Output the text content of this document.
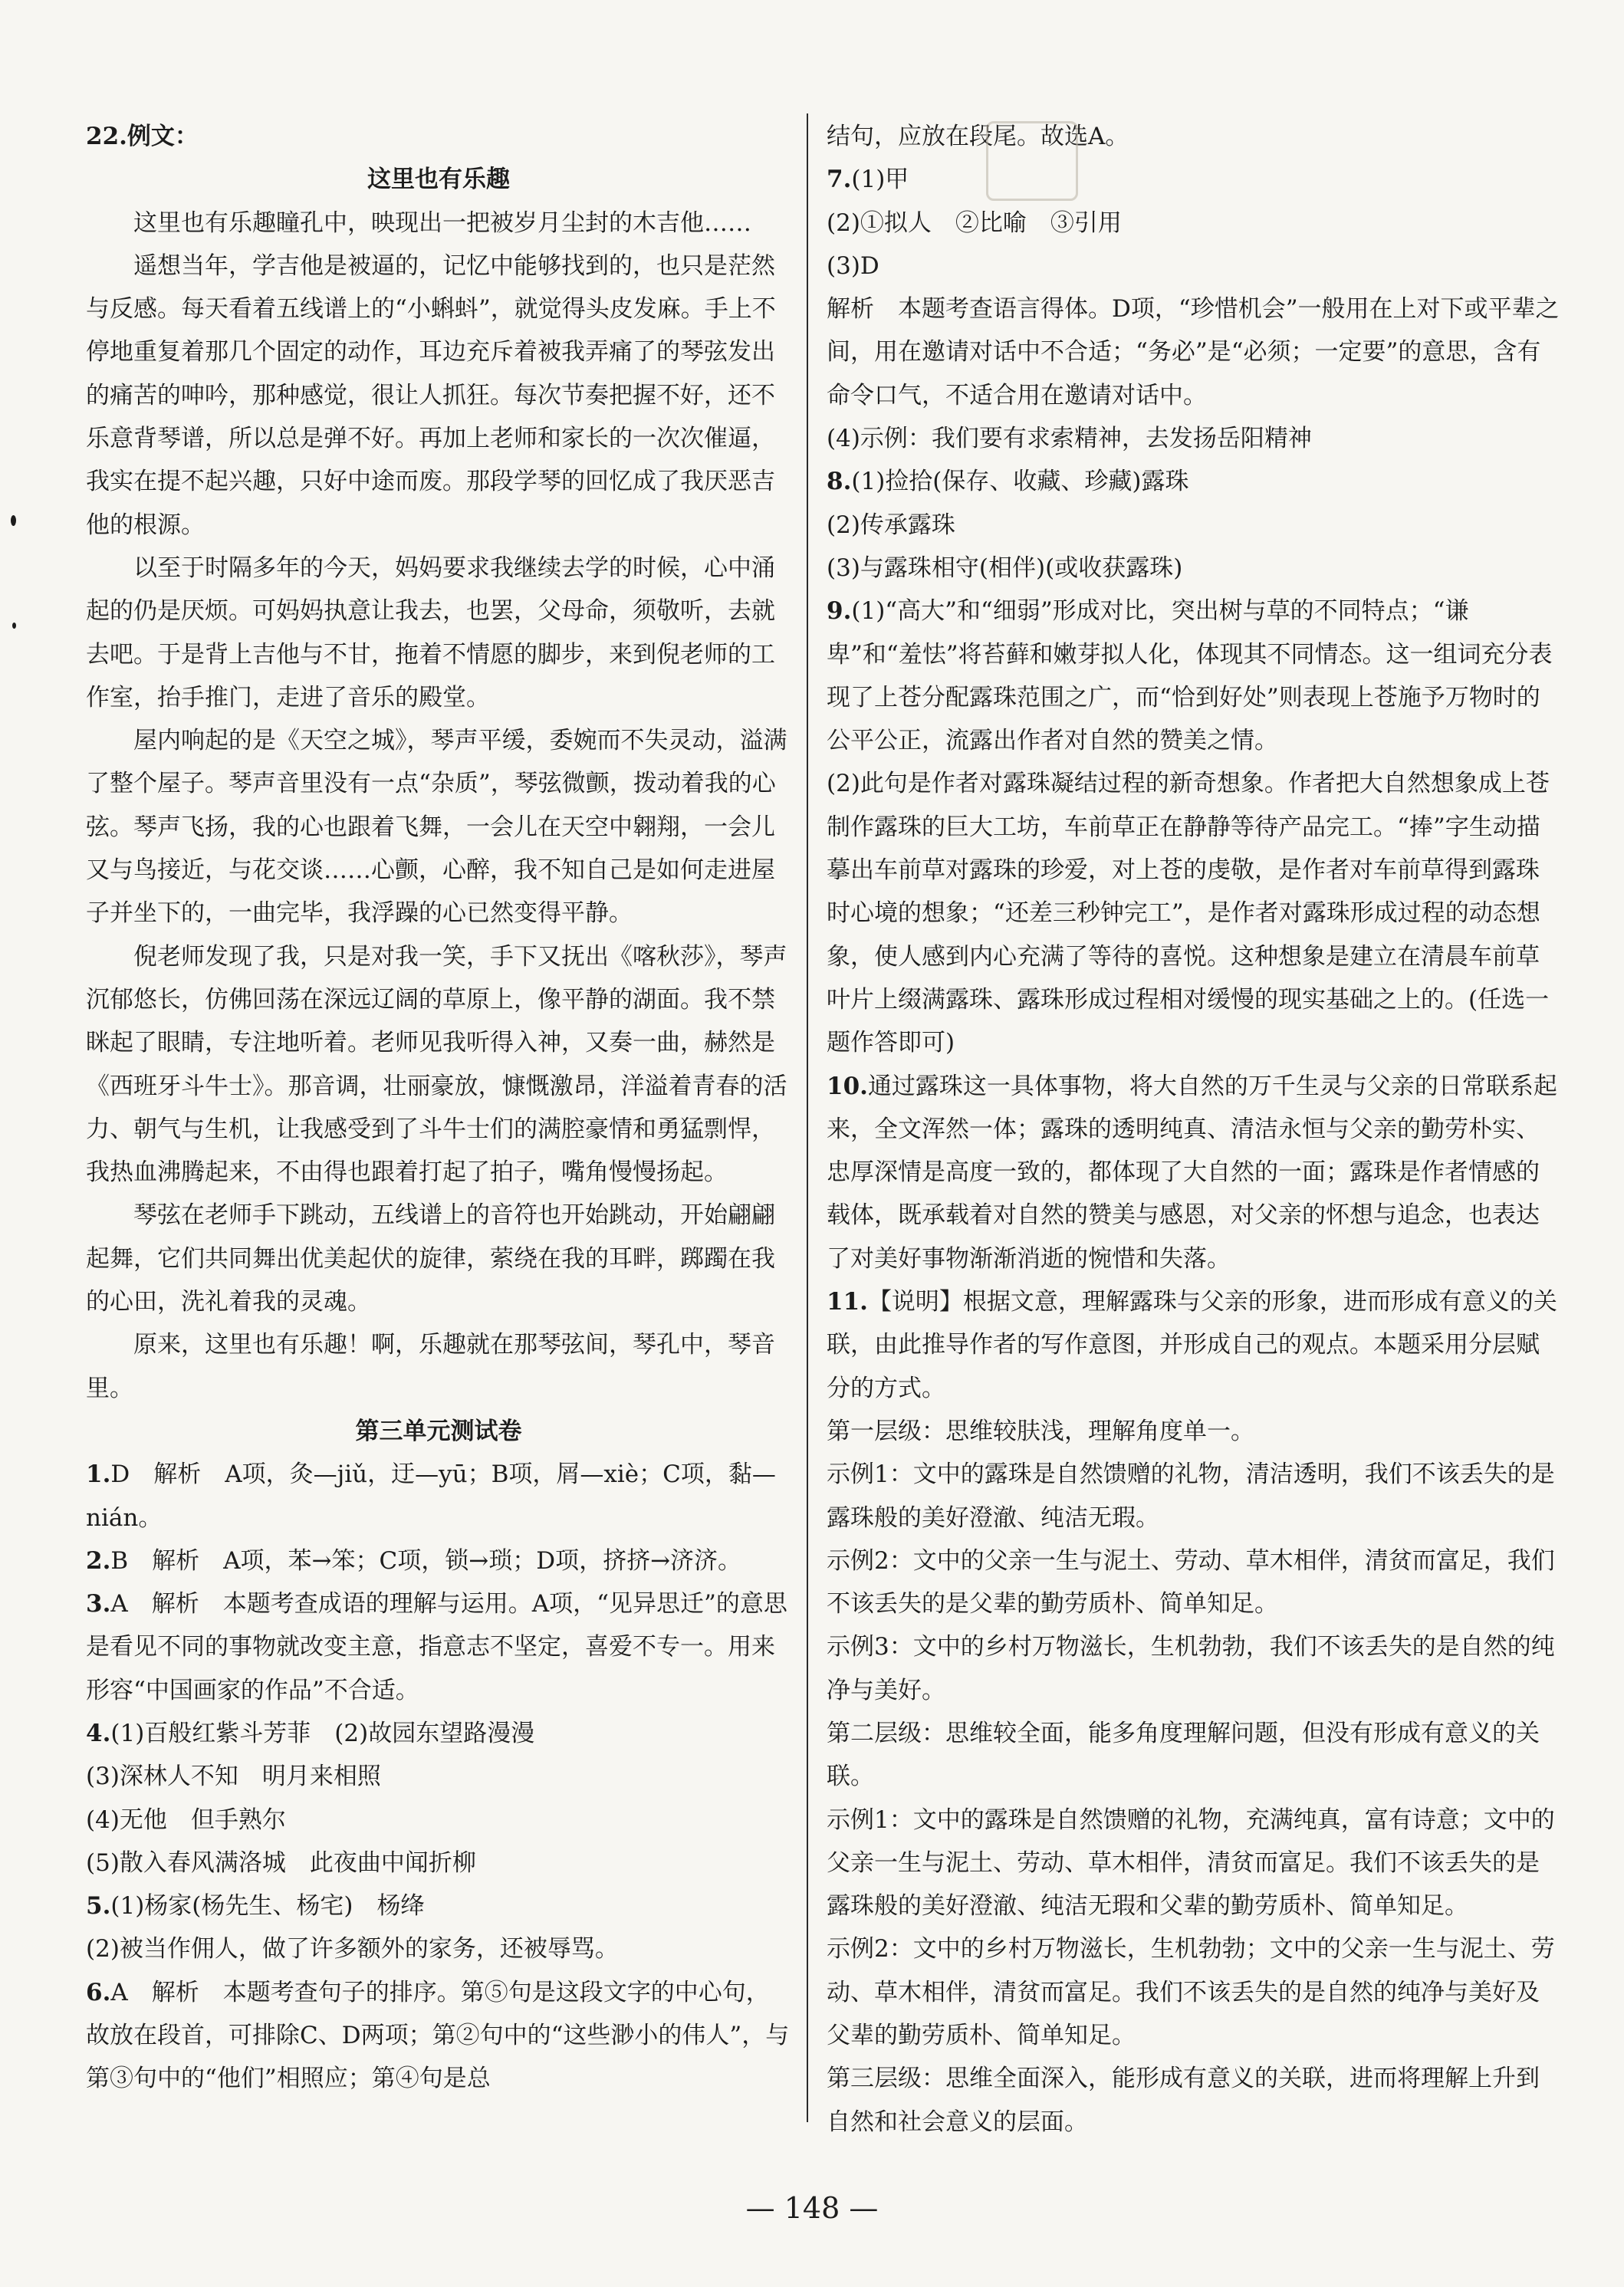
22.例文：

这里也有乐趣

这里也有乐趣瞳孔中，映现出一把被岁月尘封的木吉他……

遥想当年，学吉他是被逼的，记忆中能够找到的，也只是茫然与反感。每天看着五线谱上的“小蝌蚪”，就觉得头皮发麻。手上不停地重复着那几个固定的动作，耳边充斥着被我弄痛了的琴弦发出的痛苦的呻吟，那种感觉，很让人抓狂。每次节奏把握不好，还不乐意背琴谱，所以总是弹不好。再加上老师和家长的一次次催逼，我实在提不起兴趣，只好中途而废。那段学琴的回忆成了我厌恶吉他的根源。

以至于时隔多年的今天，妈妈要求我继续去学的时候，心中涌起的仍是厌烦。可妈妈执意让我去，也罢，父母命，须敬听，去就去吧。于是背上吉他与不甘，拖着不情愿的脚步，来到倪老师的工作室，抬手推门，走进了音乐的殿堂。

屋内响起的是《天空之城》，琴声平缓，委婉而不失灵动，溢满了整个屋子。琴声音里没有一点“杂质”，琴弦微颤，拨动着我的心弦。琴声飞扬，我的心也跟着飞舞，一会儿在天空中翱翔，一会儿又与鸟接近，与花交谈……心颤，心醉，我不知自己是如何走进屋子并坐下的，一曲完毕，我浮躁的心已然变得平静。

倪老师发现了我，只是对我一笑，手下又抚出《喀秋莎》，琴声沉郁悠长，仿佛回荡在深远辽阔的草原上，像平静的湖面。我不禁眯起了眼睛，专注地听着。老师见我听得入神，又奏一曲，赫然是《西班牙斗牛士》。那音调，壮丽豪放，慷慨激昂，洋溢着青春的活力、朝气与生机，让我感受到了斗牛士们的满腔豪情和勇猛剽悍，我热血沸腾起来，不由得也跟着打起了拍子，嘴角慢慢扬起。

琴弦在老师手下跳动，五线谱上的音符也开始跳动，开始翩翩起舞，它们共同舞出优美起伏的旋律，萦绕在我的耳畔，踯躅在我的心田，洗礼着我的灵魂。

原来，这里也有乐趣！啊，乐趣就在那琴弦间，琴孔中，琴音里。

第三单元测试卷

1.D　解析　A项，灸—jiǔ，迂—yū；B项，屑—xiè；C项，黏—nián。

2.B　解析　A项，苯→笨；C项，锁→琐；D项，挤挤→济济。

3.A　解析　本题考查成语的理解与运用。A项，“见异思迁”的意思是看见不同的事物就改变主意，指意志不坚定，喜爱不专一。用来形容“中国画家的作品”不合适。

4.(1)百般红紫斗芳菲　(2)故园东望路漫漫

(3)深林人不知　明月来相照

(4)无他　但手熟尔

(5)散入春风满洛城　此夜曲中闻折柳

5.(1)杨家(杨先生、杨宅)　杨绛

(2)被当作佣人，做了许多额外的家务，还被辱骂。

6.A　解析　本题考查句子的排序。第⑤句是这段文字的中心句，故放在段首，可排除C、D两项；第②句中的“这些渺小的伟人”，与第③句中的“他们”相照应；第④句是总

结句，应放在段尾。故选A。

7.(1)甲

(2)①拟人　②比喻　③引用

(3)D

解析　本题考查语言得体。D项，“珍惜机会”一般用在上对下或平辈之间，用在邀请对话中不合适；“务必”是“必须；一定要”的意思，含有命令口气，不适合用在邀请对话中。

(4)示例：我们要有求索精神，去发扬岳阳精神

8.(1)捡拾(保存、收藏、珍藏)露珠

(2)传承露珠

(3)与露珠相守(相伴)(或收获露珠)

9.(1)“高大”和“细弱”形成对比，突出树与草的不同特点；“谦卑”和“羞怯”将苔藓和嫩芽拟人化，体现其不同情态。这一组词充分表现了上苍分配露珠范围之广，而“恰到好处”则表现上苍施予万物时的公平公正，流露出作者对自然的赞美之情。

(2)此句是作者对露珠凝结过程的新奇想象。作者把大自然想象成上苍制作露珠的巨大工坊，车前草正在静静等待产品完工。“捧”字生动描摹出车前草对露珠的珍爱，对上苍的虔敬，是作者对车前草得到露珠时心境的想象；“还差三秒钟完工”，是作者对露珠形成过程的动态想象，使人感到内心充满了等待的喜悦。这种想象是建立在清晨车前草叶片上缀满露珠、露珠形成过程相对缓慢的现实基础之上的。(任选一题作答即可)

10.通过露珠这一具体事物，将大自然的万千生灵与父亲的日常联系起来，全文浑然一体；露珠的透明纯真、清洁永恒与父亲的勤劳朴实、忠厚深情是高度一致的，都体现了大自然的一面；露珠是作者情感的载体，既承载着对自然的赞美与感恩，对父亲的怀想与追念，也表达了对美好事物渐渐消逝的惋惜和失落。

11.【说明】根据文意，理解露珠与父亲的形象，进而形成有意义的关联，由此推导作者的写作意图，并形成自己的观点。本题采用分层赋分的方式。

第一层级：思维较肤浅，理解角度单一。

示例1：文中的露珠是自然馈赠的礼物，清洁透明，我们不该丢失的是露珠般的美好澄澈、纯洁无瑕。

示例2：文中的父亲一生与泥土、劳动、草木相伴，清贫而富足，我们不该丢失的是父辈的勤劳质朴、简单知足。

示例3：文中的乡村万物滋长，生机勃勃，我们不该丢失的是自然的纯净与美好。

第二层级：思维较全面，能多角度理解问题，但没有形成有意义的关联。

示例1：文中的露珠是自然馈赠的礼物，充满纯真，富有诗意；文中的父亲一生与泥土、劳动、草木相伴，清贫而富足。我们不该丢失的是露珠般的美好澄澈、纯洁无瑕和父辈的勤劳质朴、简单知足。

示例2：文中的乡村万物滋长，生机勃勃；文中的父亲一生与泥土、劳动、草木相伴，清贫而富足。我们不该丢失的是自然的纯净与美好及父辈的勤劳质朴、简单知足。

第三层级：思维全面深入，能形成有意义的关联，进而将理解上升到自然和社会意义的层面。

— 148 —
